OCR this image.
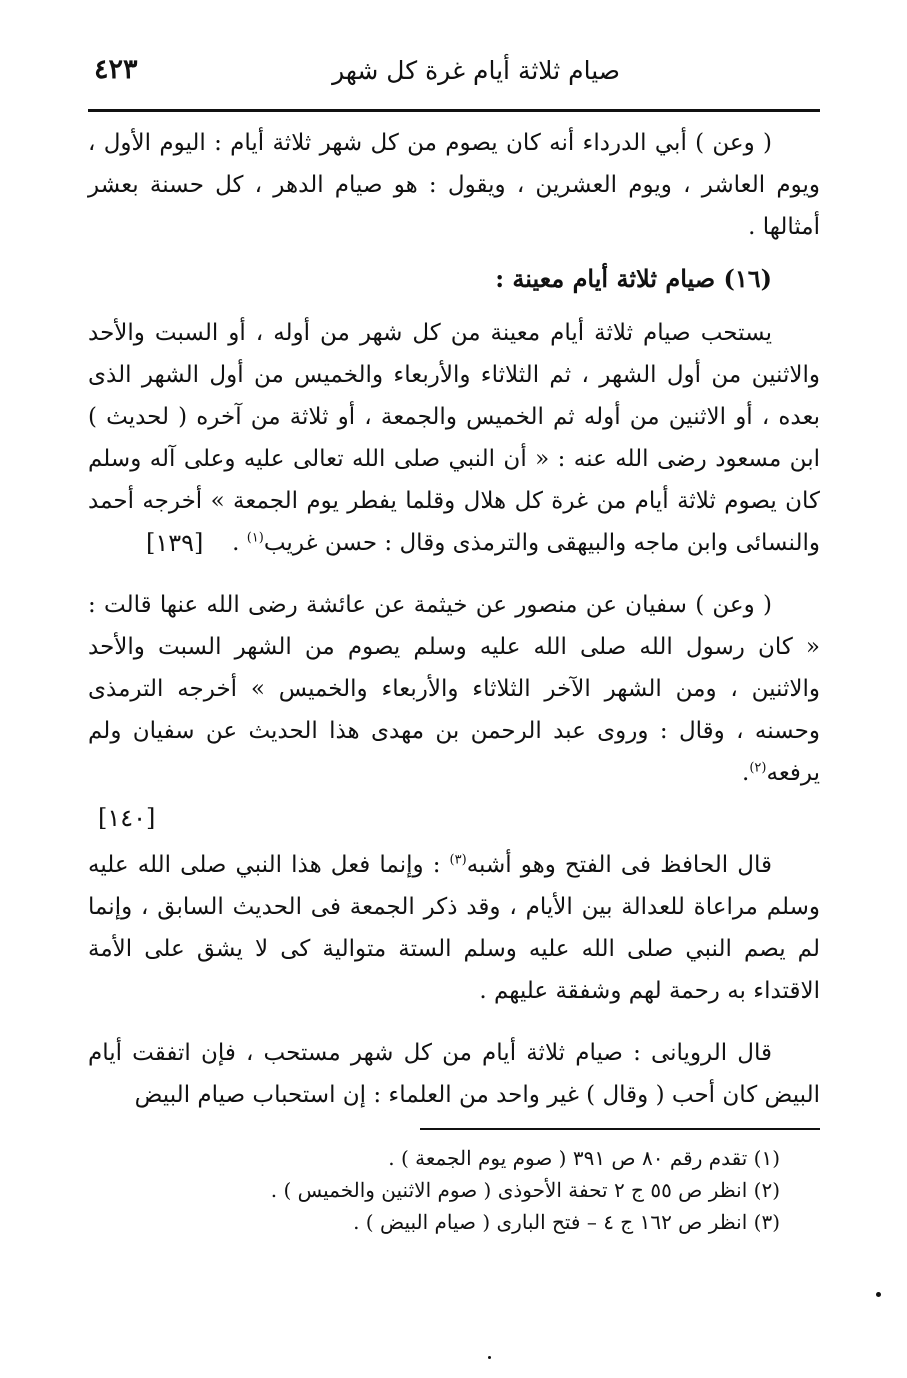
صيام ثلاثة أيام غرة كل شهر
٤٢٣

( وعن ) أبي الدرداء أنه كان يصوم من كل شهر ثلاثة أيام : اليوم الأول ، ويوم العاشر ، ويوم العشرين ، ويقول : هو صيام الدهر ، كل حسنة بعشر أمثالها .

(١٦) صيام ثلاثة أيام معينة :

يستحب صيام ثلاثة أيام معينة من كل شهر من أوله ، أو السبت والأحد والاثنين من أول الشهر ، ثم الثلاثاء والأربعاء والخميس من أول الشهر الذى بعده ، أو الاثنين من أوله ثم الخميس والجمعة ، أو ثلاثة من آخره ( لحديث ) ابن مسعود رضى الله عنه : « أن النبي صلى الله تعالى عليه وعلى آله وسلم كان يصوم ثلاثة أيام من غرة كل هلال وقلما يفطر يوم الجمعة » أخرجه أحمد والنسائى وابن ماجه والبيهقى والترمذى وقال : حسن غريب$^{(١)}$ .
[١٣٩]

( وعن ) سفيان عن منصور عن خيثمة عن عائشة رضى الله عنها قالت : « كان رسول الله صلى الله عليه وسلم يصوم من الشهر السبت والأحد والاثنين ، ومن الشهر الآخر الثلاثاء والأربعاء والخميس » أخرجه الترمذى وحسنه ، وقال : وروى عبد الرحمن بن مهدى هذا الحديث عن سفيان ولم يرفعه$^{(٢)}$.

[١٤٠]

قال الحافظ فى الفتح وهو أشبه$^{(٣)}$ : وإنما فعل هذا النبي صلى الله عليه وسلم مراعاة للعدالة بين الأيام ، وقد ذكر الجمعة فى الحديث السابق ، وإنما لم يصم النبي صلى الله عليه وسلم الستة متوالية كى لا يشق على الأمة الاقتداء به رحمة لهم وشفقة عليهم .

قال الرويانى : صيام ثلاثة أيام من كل شهر مستحب ، فإن اتفقت أيام البيض كان أحب ( وقال ) غير واحد من العلماء : إن استحباب صيام البيض

(١) تقدم رقم ٨٠ ص ٣٩١ ( صوم يوم الجمعة ) .

(٢) انظر ص ٥٥ ج ٢ تحفة الأحوذى ( صوم الاثنين والخميس ) .

(٣) انظر ص ١٦٢ ج ٤ – فتح البارى ( صيام البيض ) .
